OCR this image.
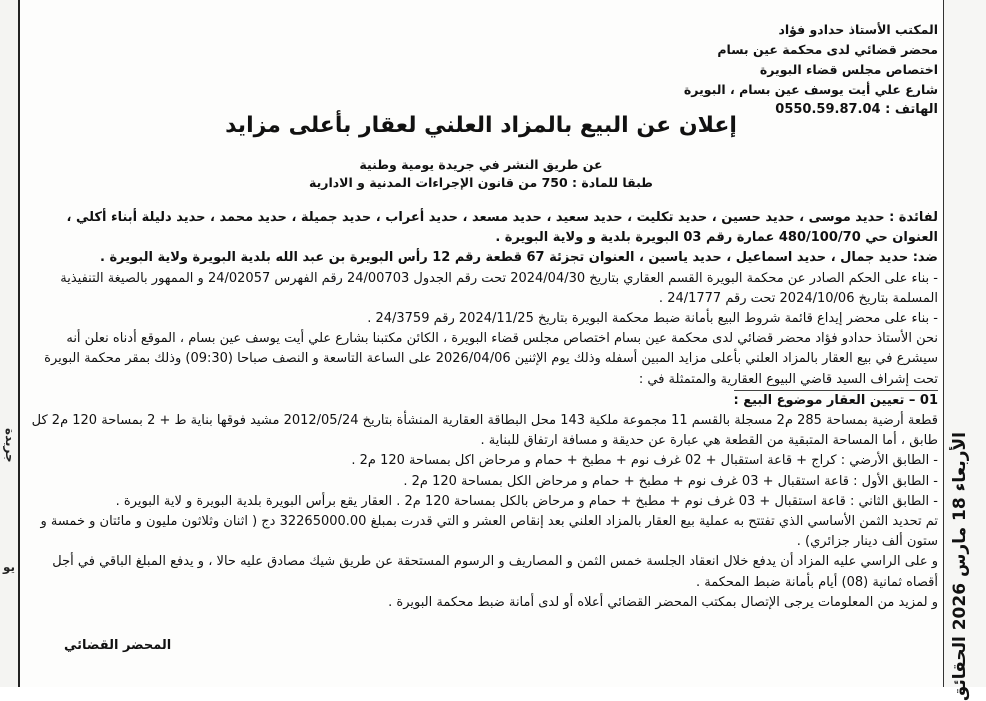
جريدة
يو
الأربعاء 18 مارس 2026 الحقائق
المكتب الأستاذ حدادو فؤاد
محضر قضائي لدى محكمة عين بسام
اختصاص مجلس قضاء البويرة
شارع علي أيت يوسف عين بسام ، البويرة
الهاتف : 0550.59.87.04
إعلان عن البيع بالمزاد العلني لعقار بأعلى مزايد
عن طريق النشر في جريدة يومية وطنية
طبقا للمادة : 750 من قانون الإجراءات المدنية و الادارية

لفائدة : حديد موسى ، حديد حسين ، حديد تكليت ، حديد سعيد ، حديد مسعد ، حديد أعراب ، حديد جميلة ، حديد محمد ، حديد دليلة أبناء أكلي ، العنوان حي 480/100/70 عمارة رقم 03 البويرة بلدية و ولاية البويرة .

ضد: حديد جمال ، حديد اسماعيل ، حديد ياسين ، العنوان تجزئة 67 قطعة رقم 12 رأس البويرة بن عبد الله بلدية البويرة ولاية البويرة .

- بناء على الحكم الصادر عن محكمة البويرة القسم العقاري بتاريخ 2024/04/30 تحت رقم الجدول 24/00703 رقم الفهرس 24/02057 و الممهور بالصيغة التنفيذية المسلمة بتاريخ 2024/10/06 تحت رقم 24/1777 .

- بناء على محضر إيداع قائمة شروط البيع بأمانة ضبط محكمة البويرة بتاريخ 2024/11/25 رقم 24/3759 .

نحن الأستاذ حدادو فؤاد محضر قضائي لدى محكمة عين بسام اختصاص مجلس قضاء البويرة ، الكائن مكتبنا بشارع علي أيت يوسف عين بسام ، الموقع أدناه نعلن أنه سيشرع في بيع العقار بالمزاد العلني بأعلى مزايد المبين أسفله وذلك يوم الإثنين 2026/04/06 على الساعة التاسعة و النصف صباحا (09:30) وذلك بمقر محكمة البويرة تحت إشراف السيد قاضي البيوع العقارية والمتمثلة في :

01 – تعيين العقار موضوع البيع :

قطعة أرضية بمساحة 285 م2 مسجلة بالقسم 11 مجموعة ملكية 143 محل البطاقة العقارية المنشأة بتاريخ 2012/05/24 مشيد فوقها بناية ط + 2 بمساحة 120 م2 كل طابق ، أما المساحة المتبقية من القطعة هي عبارة عن حديقة و مسافة ارتفاق للبناية .

- الطابق الأرضي : كراج + قاعة استقبال + 02 غرف نوم + مطبخ + حمام و مرحاض اكل بمساحة 120 م2 .

- الطابق الأول : قاعة استقبال + 03 غرف نوم + مطبخ + حمام و مرحاض الكل بمساحة 120 م2 .

- الطابق الثاني : قاعة استقبال + 03 غرف نوم + مطبخ + حمام و مرحاض بالكل بمساحة 120 م2 . العقار يقع برأس البويرة بلدية البويرة و لاية البويرة .

تم تحديد الثمن الأساسي الذي تفتتح به عملية بيع العقار بالمزاد العلني بعد إنقاص العشر و التي قدرت بمبلغ 32265000.00 دج ( اثنان وثلاثون مليون و مائتان و خمسة و ستون ألف دينار جزائري) .

و على الراسي عليه المزاد أن يدفع خلال انعقاد الجلسة خمس الثمن و المصاريف و الرسوم المستحقة عن طريق شيك مصادق عليه حالا ، و يدفع المبلغ الباقي في أجل أقصاه ثمانية (08) أيام بأمانة ضبط المحكمة .

و لمزيد من المعلومات يرجى الإتصال بمكتب المحضر القضائي أعلاه أو لدى أمانة ضبط محكمة البويرة .

المحضر القضائي
